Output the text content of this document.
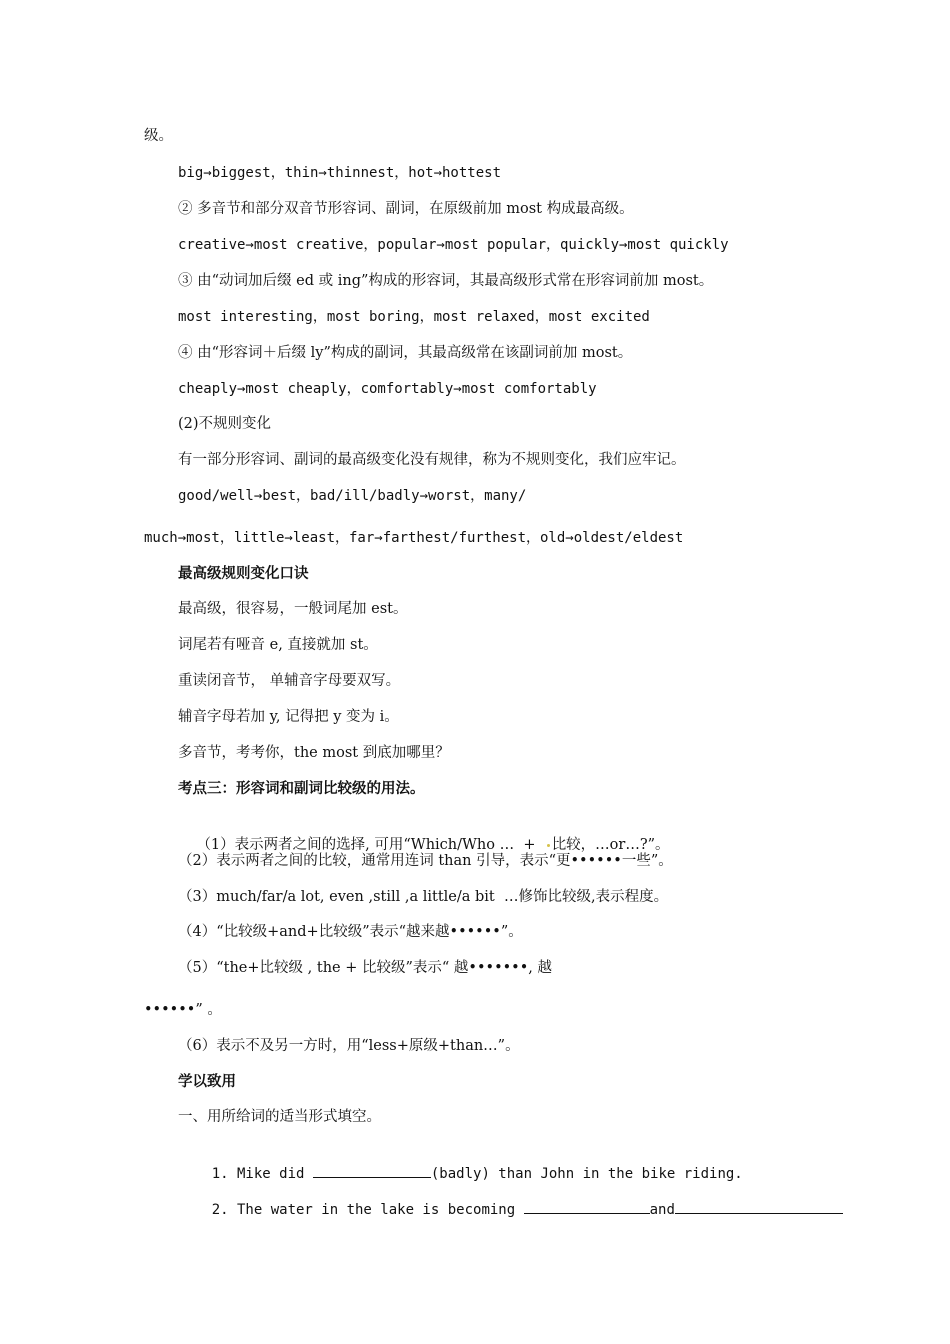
级。
big→biggest，thin→thinnest，hot→hottest
② 多音节和部分双音节形容词、副词，在原级前加 most 构成最高级。
creative→most creative，popular→most popular，quickly→most quickly
③ 由“动词加后缀 ed 或 ing”构成的形容词，其最高级形式常在形容词前加 most。
most interesting，most boring，most relaxed，most excited
④ 由“形容词＋后缀 ly”构成的副词，其最高级常在该副词前加 most。
cheaply→most cheaply，comfortably→most comfortably
(2)不规则变化
有一部分形容词、副词的最高级变化没有规律，称为不规则变化，我们应牢记。
good/well→best，bad/ill/badly→worst，many/
much→most，little→least，far→farthest/furthest，old→oldest/eldest
最高级规则变化口诀
最高级，很容易，一般词尾加 est。
词尾若有哑音 e, 直接就加 st。
重读闭音节， 单辅音字母要双写。
辅音字母若加 y, 记得把 y 变为 i。
多音节，考考你，the most 到底加哪里？
考点三：形容词和副词比较级的用法。

（1）表示两者之间的选择, 可用“Which/Who …  +  比较，…or…?”。

（2）表示两者之间的比较，通常用连词 than 引导，表示“更••••••一些”。
（3）much/far/a lot, even ,still ,a little/a bit  …修饰比较级,表示程度。
（4）“比较级+and+比较级”表示“越来越••••••”。
（5）“the+比较级 , the + 比较级”表示“ 越•••••••, 越
••••••” 。
（6）表示不及另一方时，用“less+原级+than…”。
学以致用
一、用所给词的适当形式填空。

1. Mike did	(badly) than John in the bike riding.

2. The water in the lake is becoming	and
